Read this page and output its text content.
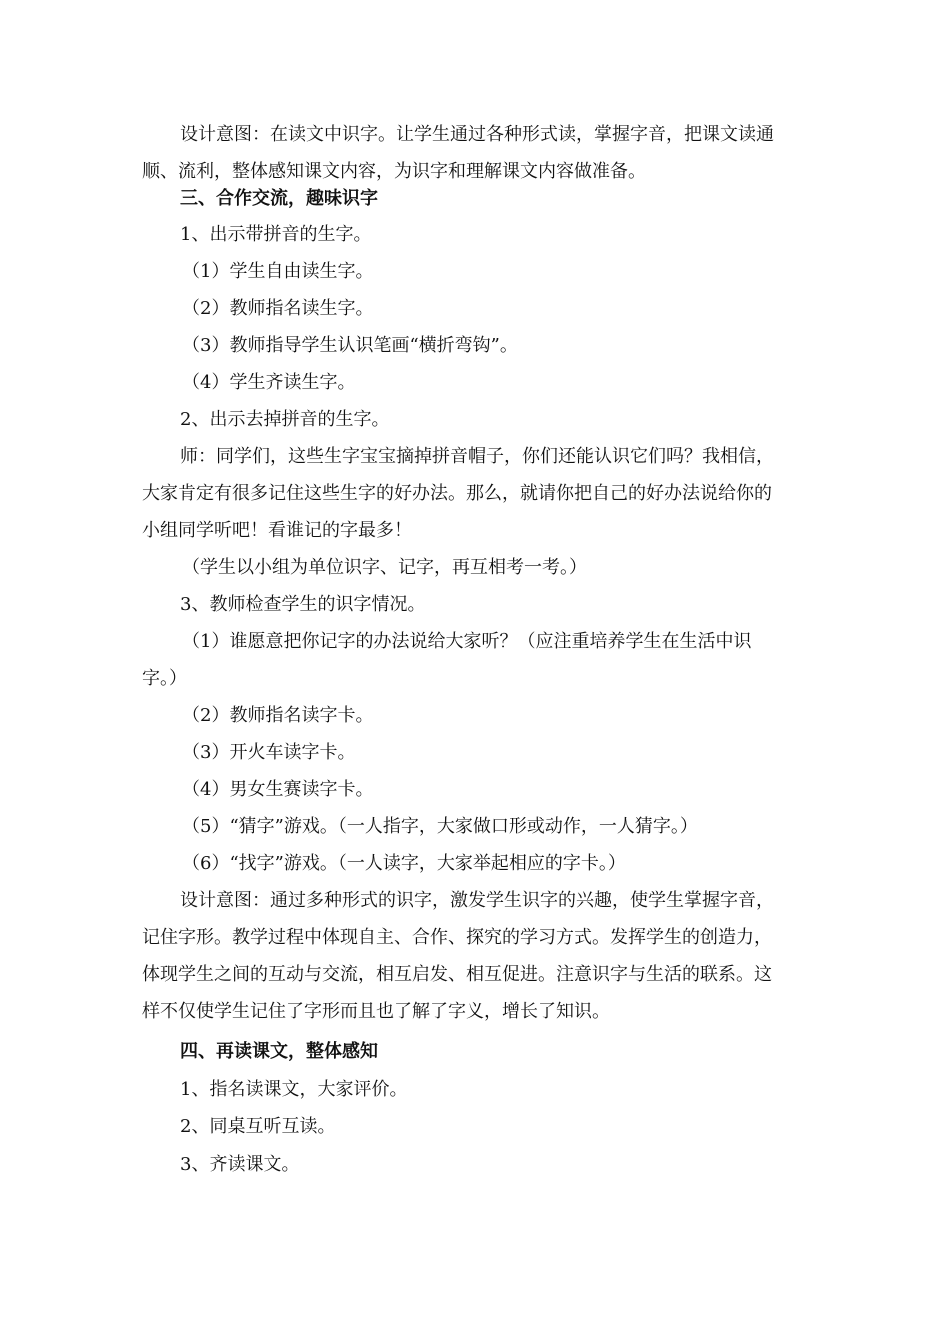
设计意图：在读文中识字。让学生通过各种形式读，掌握字音，把课文读通
顺、流利，整体感知课文内容，为识字和理解课文内容做准备。

三、合作交流，趣味识字

1、出示带拼音的生字。

（1）学生自由读生字。

（2）教师指名读生字。

（3）教师指导学生认识笔画“横折弯钩”。

（4）学生齐读生字。

2、出示去掉拼音的生字。

师：同学们，这些生字宝宝摘掉拼音帽子，你们还能认识它们吗？我相信，
大家肯定有很多记住这些生字的好办法。那么，就请你把自己的好办法说给你的
小组同学听吧！看谁记的字最多！

（学生以小组为单位识字、记字，再互相考一考。）

3、教师检查学生的识字情况。

（1）谁愿意把你记字的办法说给大家听？（应注重培养学生在生活中识
字。）

（2）教师指名读字卡。

（3）开火车读字卡。

（4）男女生赛读字卡。

（5）“猜字”游戏。（一人指字，大家做口形或动作，一人猜字。）

（6）“找字”游戏。（一人读字，大家举起相应的字卡。）

设计意图：通过多种形式的识字，激发学生识字的兴趣，使学生掌握字音，
记住字形。教学过程中体现自主、合作、探究的学习方式。发挥学生的创造力，
体现学生之间的互动与交流，相互启发、相互促进。注意识字与生活的联系。这
样不仅使学生记住了字形而且也了解了字义，增长了知识。

四、再读课文，整体感知

1、指名读课文，大家评价。

2、同桌互听互读。

3、齐读课文。
